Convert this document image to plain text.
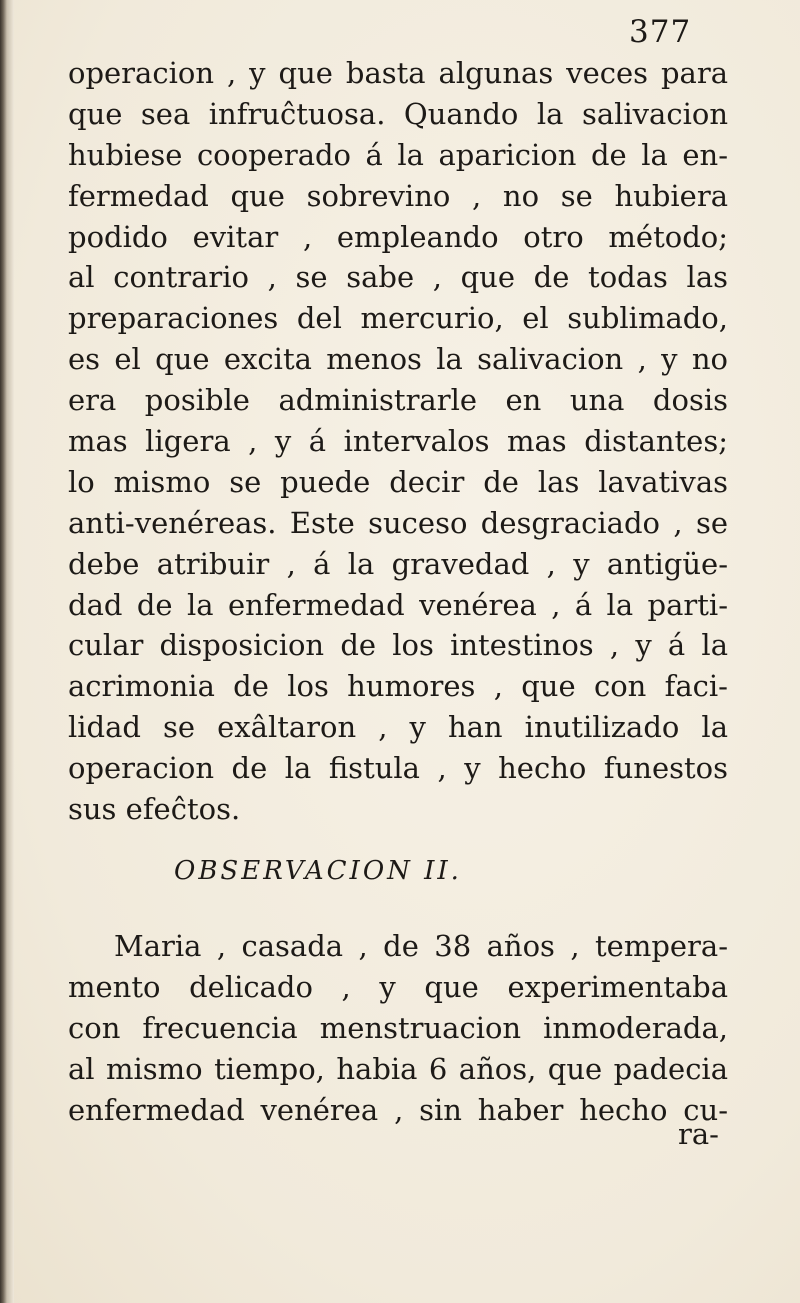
377
operacion , y que basta algunas veces para
que sea infruĉtuosa. Quando la salivacion
hubiese cooperado á la aparicion de la en-
fermedad que sobrevino , no se hubiera
podido evitar , empleando otro método;
al contrario , se sabe , que de todas las
preparaciones del mercurio, el sublimado,
es el que excita menos la salivacion , y no
era posible administrarle en una dosis
mas ligera , y á intervalos mas distantes;
lo mismo se puede decir de las lavativas
anti-venéreas. Este suceso desgraciado , se
debe atribuir , á la gravedad , y antigüe-
dad de la enfermedad venérea , á la parti-
cular disposicion de los intestinos , y á la
acrimonia de los humores , que con faci-
lidad se exâltaron , y han inutilizado la
operacion de la fistula , y hecho funestos
sus efeĉtos.
OBSERVACION II.
Maria , casada , de 38 años , tempera-
mento delicado , y que experimentaba
con frecuencia menstruacion inmoderada,
al mismo tiempo, habia 6 años, que padecia
enfermedad venérea , sin haber hecho cu-
ra-
